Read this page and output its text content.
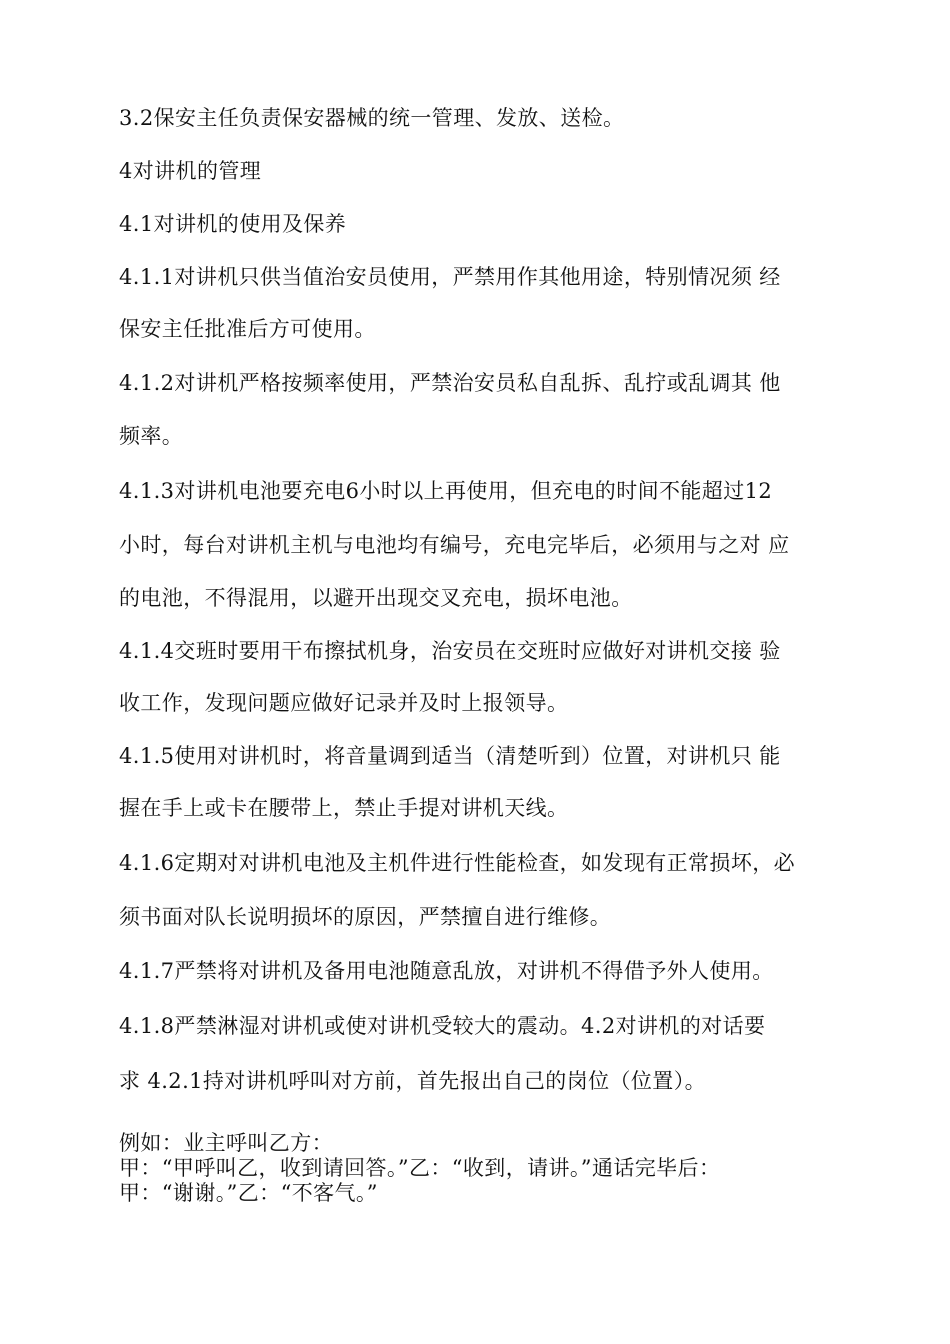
3.2保安主任负责保安器械的统一管理、发放、送检。
4对讲机的管理
4.1对讲机的使用及保养
4.1.1对讲机只供当值治安员使用，严禁用作其他用途，特别情况须 经
保安主任批准后方可使用。
4.1.2对讲机严格按频率使用，严禁治安员私自乱拆、乱拧或乱调其 他
频率。
4.1.3对讲机电池要充电6小时以上再使用，但充电的时间不能超过12
小时，每台对讲机主机与电池均有编号，充电完毕后，必须用与之对 应
的电池，不得混用，以避开出现交叉充电，损坏电池。
4.1.4交班时要用干布擦拭机身，治安员在交班时应做好对讲机交接 验
收工作，发现问题应做好记录并及时上报领导。
4.1.5使用对讲机时，将音量调到适当（清楚听到）位置，对讲机只 能
握在手上或卡在腰带上，禁止手提对讲机天线。
4.1.6定期对对讲机电池及主机件进行性能检查，如发现有正常损坏，必
须书面对队长说明损坏的原因，严禁擅自进行维修。
4.1.7严禁将对讲机及备用电池随意乱放，对讲机不得借予外人使用。
4.1.8严禁淋湿对讲机或使对讲机受较大的震动。4.2对讲机的对话要
求 4.2.1持对讲机呼叫对方前，首先报出自己的岗位（位置）。
例如：业主呼叫乙方：
甲：“甲呼叫乙，收到请回答。”乙：“收到，请讲。”通话完毕后：
甲：“谢谢。”乙：“不客气。”
